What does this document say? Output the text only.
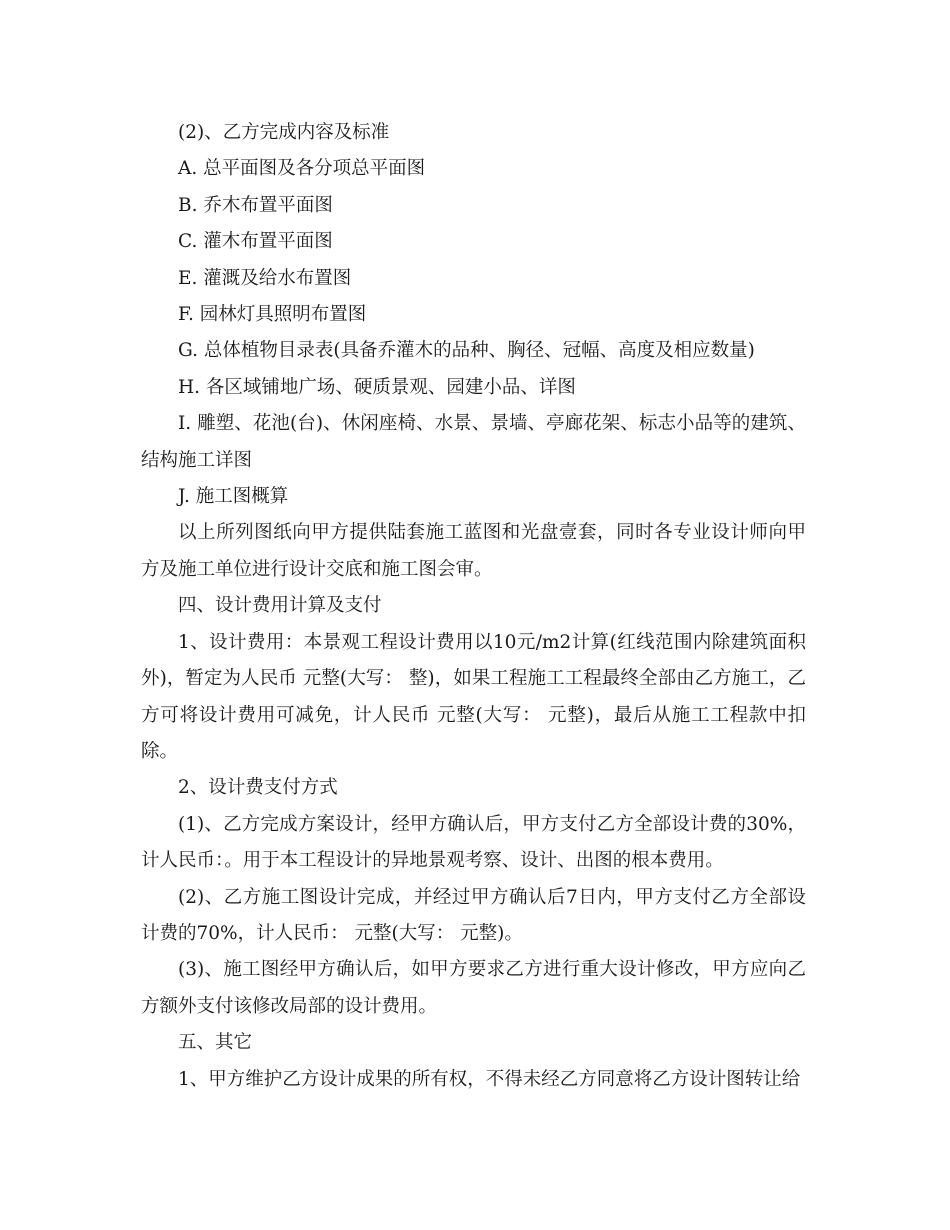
(2)、乙方完成内容及标准

A. 总平面图及各分项总平面图

B. 乔木布置平面图

C. 灌木布置平面图

E. 灌溉及给水布置图

F. 园林灯具照明布置图

G. 总体植物目录表(具备乔灌木的品种、胸径、冠幅、高度及相应数量)

H. 各区域铺地广场、硬质景观、园建小品、详图

I. 雕塑、花池(台)、休闲座椅、水景、景墙、亭廊花架、标志小品等的建筑、结构施工详图

J. 施工图概算

以上所列图纸向甲方提供陆套施工蓝图和光盘壹套，同时各专业设计师向甲方及施工单位进行设计交底和施工图会审。

四、设计费用计算及支付

1、设计费用：本景观工程设计费用以10元/m2计算(红线范围内除建筑面积外)，暂定为人民币 元整(大写： 整)，如果工程施工工程最终全部由乙方施工，乙方可将设计费用可减免，计人民币 元整(大写： 元整)，最后从施工工程款中扣除。

2、设计费支付方式

(1)、乙方完成方案设计，经甲方确认后，甲方支付乙方全部设计费的30%，计人民币：。用于本工程设计的异地景观考察、设计、出图的根本费用。

(2)、乙方施工图设计完成，并经过甲方确认后7日内，甲方支付乙方全部设计费的70%，计人民币： 元整(大写： 元整)。

(3)、施工图经甲方确认后，如甲方要求乙方进行重大设计修改，甲方应向乙方额外支付该修改局部的设计费用。

五、其它

1、甲方维护乙方设计成果的所有权，不得未经乙方同意将乙方设计图转让给
